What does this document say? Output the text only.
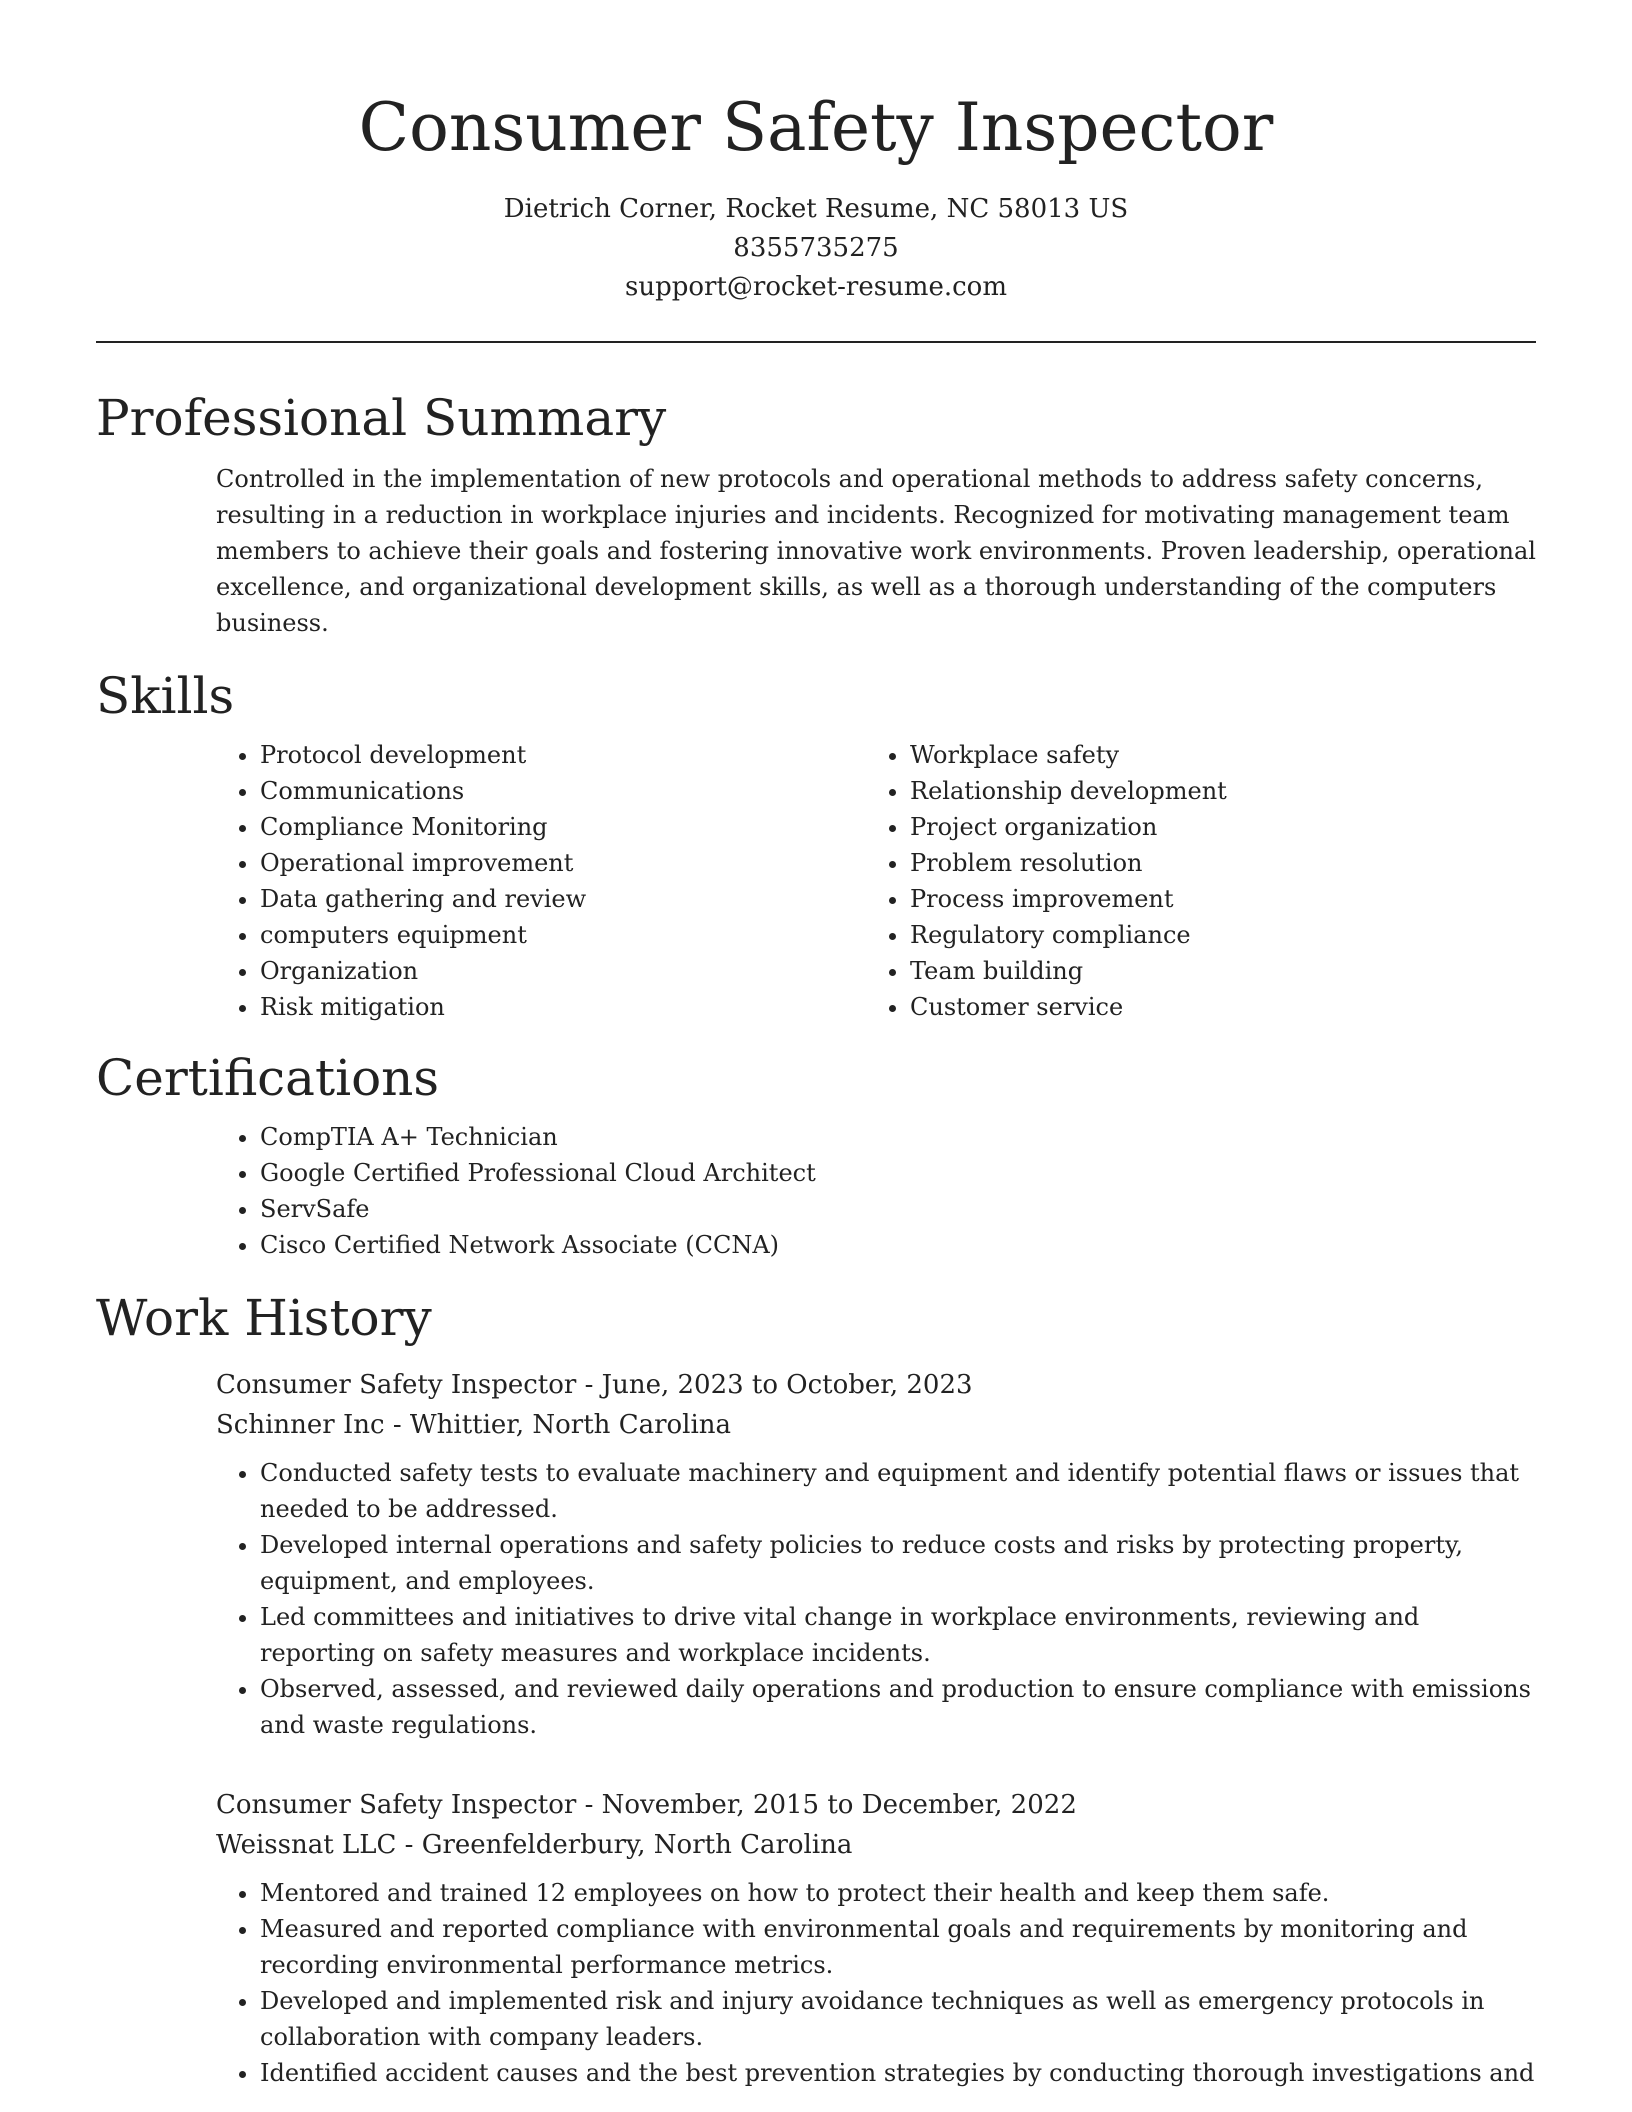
Consumer Safety Inspector
Dietrich Corner, Rocket Resume, NC 58013 US
8355735275
support@rocket-resume.com
Professional Summary

Controlled in the implementation of new protocols and operational methods to address safety concerns, resulting in a reduction in workplace injuries and incidents. Recognized for motivating management team members to achieve their goals and fostering innovative work environments. Proven leadership, operational excellence, and organizational development skills, as well as a thorough understanding of the computers business.

Skills
• Protocol development
• Communications
• Compliance Monitoring
• Operational improvement
• Data gathering and review
• computers equipment
• Organization
• Risk mitigation
• Workplace safety
• Relationship development
• Project organization
• Problem resolution
• Process improvement
• Regulatory compliance
• Team building
• Customer service
Certifications
• CompTIA A+ Technician
• Google Certified Professional Cloud Architect
• ServSafe
• Cisco Certified Network Associate (CCNA)
Work History
Consumer Safety Inspector - June, 2023 to October, 2023
Schinner Inc - Whittier, North Carolina
• Conducted safety tests to evaluate machinery and equipment and identify potential flaws or issues that needed to be addressed.
• Developed internal operations and safety policies to reduce costs and risks by protecting property, equipment, and employees.
• Led committees and initiatives to drive vital change in workplace environments, reviewing and reporting on safety measures and workplace incidents.
• Observed, assessed, and reviewed daily operations and production to ensure compliance with emissions and waste regulations.
Consumer Safety Inspector - November, 2015 to December, 2022
Weissnat LLC - Greenfelderbury, North Carolina
• Mentored and trained 12 employees on how to protect their health and keep them safe.
• Measured and reported compliance with environmental goals and requirements by monitoring and recording environmental performance metrics.
• Developed and implemented risk and injury avoidance techniques as well as emergency protocols in collaboration with company leaders.
• Identified accident causes and the best prevention strategies by conducting thorough investigations and
